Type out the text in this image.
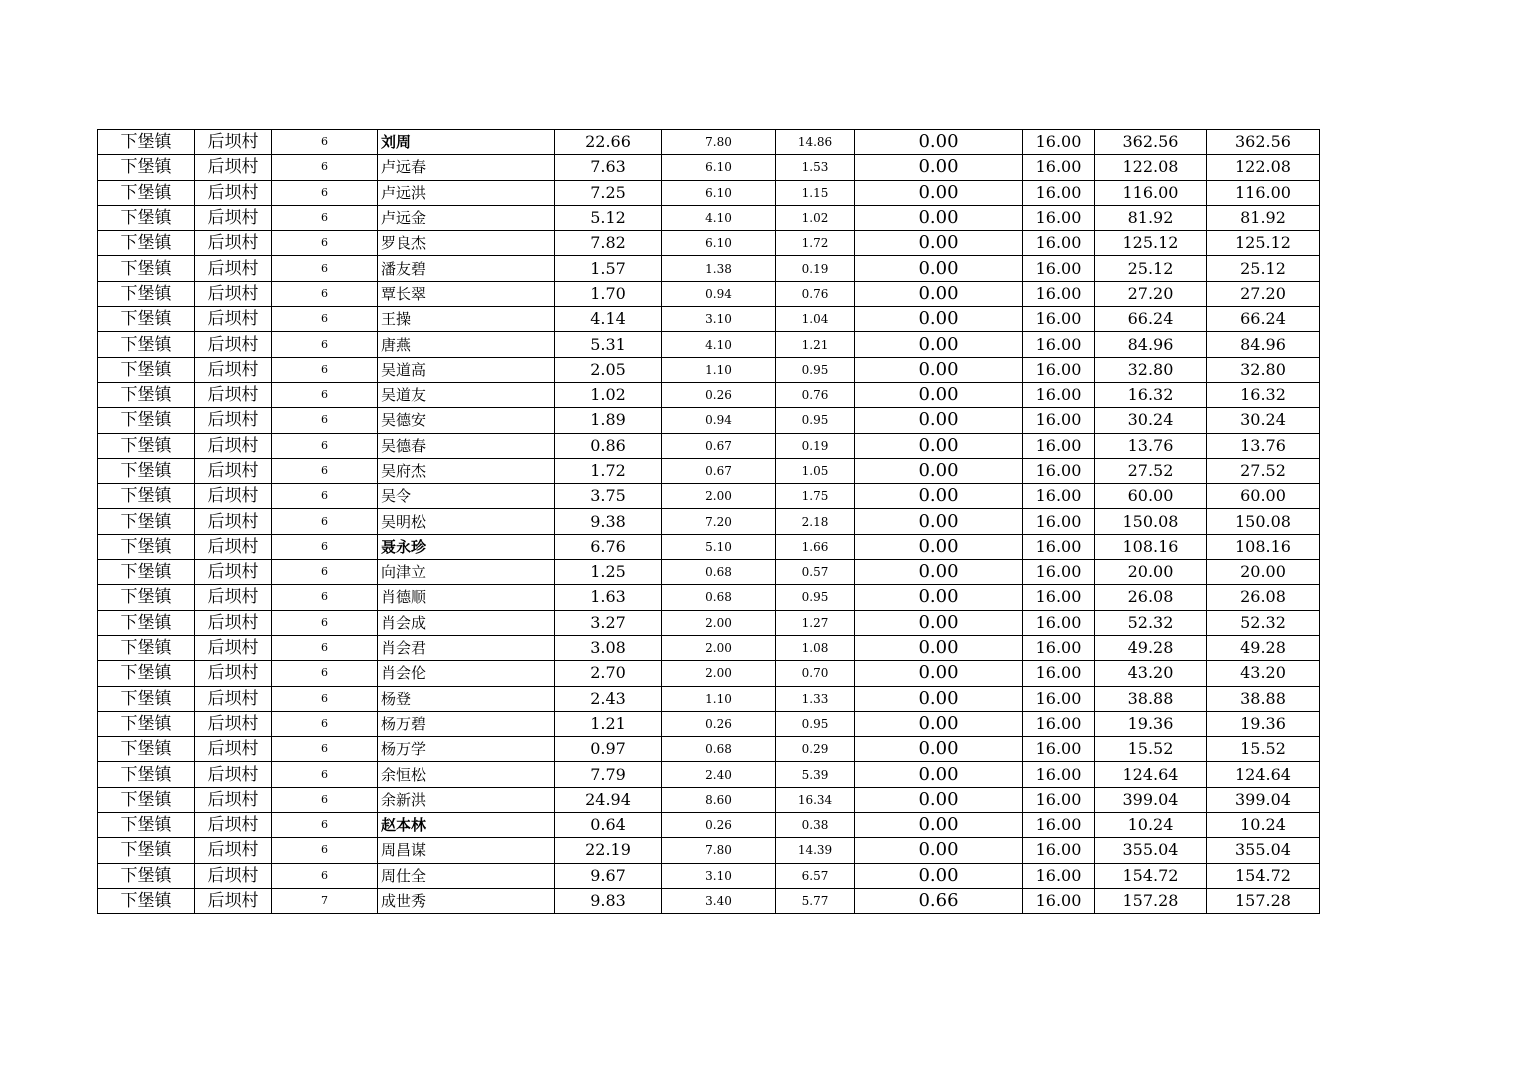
下堡镇	后坝村	6	刘周	22.66	7.80	14.86	0.00	16.00	362.56	362.56
下堡镇	后坝村	6	卢远春	7.63	6.10	1.53	0.00	16.00	122.08	122.08
下堡镇	后坝村	6	卢远洪	7.25	6.10	1.15	0.00	16.00	116.00	116.00
下堡镇	后坝村	6	卢远金	5.12	4.10	1.02	0.00	16.00	81.92	81.92
下堡镇	后坝村	6	罗良杰	7.82	6.10	1.72	0.00	16.00	125.12	125.12
下堡镇	后坝村	6	潘友碧	1.57	1.38	0.19	0.00	16.00	25.12	25.12
下堡镇	后坝村	6	覃长翠	1.70	0.94	0.76	0.00	16.00	27.20	27.20
下堡镇	后坝村	6	王操	4.14	3.10	1.04	0.00	16.00	66.24	66.24
下堡镇	后坝村	6	唐燕	5.31	4.10	1.21	0.00	16.00	84.96	84.96
下堡镇	后坝村	6	吴道高	2.05	1.10	0.95	0.00	16.00	32.80	32.80
下堡镇	后坝村	6	吴道友	1.02	0.26	0.76	0.00	16.00	16.32	16.32
下堡镇	后坝村	6	吴德安	1.89	0.94	0.95	0.00	16.00	30.24	30.24
下堡镇	后坝村	6	吴德春	0.86	0.67	0.19	0.00	16.00	13.76	13.76
下堡镇	后坝村	6	吴府杰	1.72	0.67	1.05	0.00	16.00	27.52	27.52
下堡镇	后坝村	6	吴令	3.75	2.00	1.75	0.00	16.00	60.00	60.00
下堡镇	后坝村	6	吴明松	9.38	7.20	2.18	0.00	16.00	150.08	150.08
下堡镇	后坝村	6	聂永珍	6.76	5.10	1.66	0.00	16.00	108.16	108.16
下堡镇	后坝村	6	向津立	1.25	0.68	0.57	0.00	16.00	20.00	20.00
下堡镇	后坝村	6	肖德顺	1.63	0.68	0.95	0.00	16.00	26.08	26.08
下堡镇	后坝村	6	肖会成	3.27	2.00	1.27	0.00	16.00	52.32	52.32
下堡镇	后坝村	6	肖会君	3.08	2.00	1.08	0.00	16.00	49.28	49.28
下堡镇	后坝村	6	肖会伦	2.70	2.00	0.70	0.00	16.00	43.20	43.20
下堡镇	后坝村	6	杨登	2.43	1.10	1.33	0.00	16.00	38.88	38.88
下堡镇	后坝村	6	杨万碧	1.21	0.26	0.95	0.00	16.00	19.36	19.36
下堡镇	后坝村	6	杨万学	0.97	0.68	0.29	0.00	16.00	15.52	15.52
下堡镇	后坝村	6	余恒松	7.79	2.40	5.39	0.00	16.00	124.64	124.64
下堡镇	后坝村	6	余新洪	24.94	8.60	16.34	0.00	16.00	399.04	399.04
下堡镇	后坝村	6	赵本林	0.64	0.26	0.38	0.00	16.00	10.24	10.24
下堡镇	后坝村	6	周昌谋	22.19	7.80	14.39	0.00	16.00	355.04	355.04
下堡镇	后坝村	6	周仕全	9.67	3.10	6.57	0.00	16.00	154.72	154.72
下堡镇	后坝村	7	成世秀	9.83	3.40	5.77	0.66	16.00	157.28	157.28
